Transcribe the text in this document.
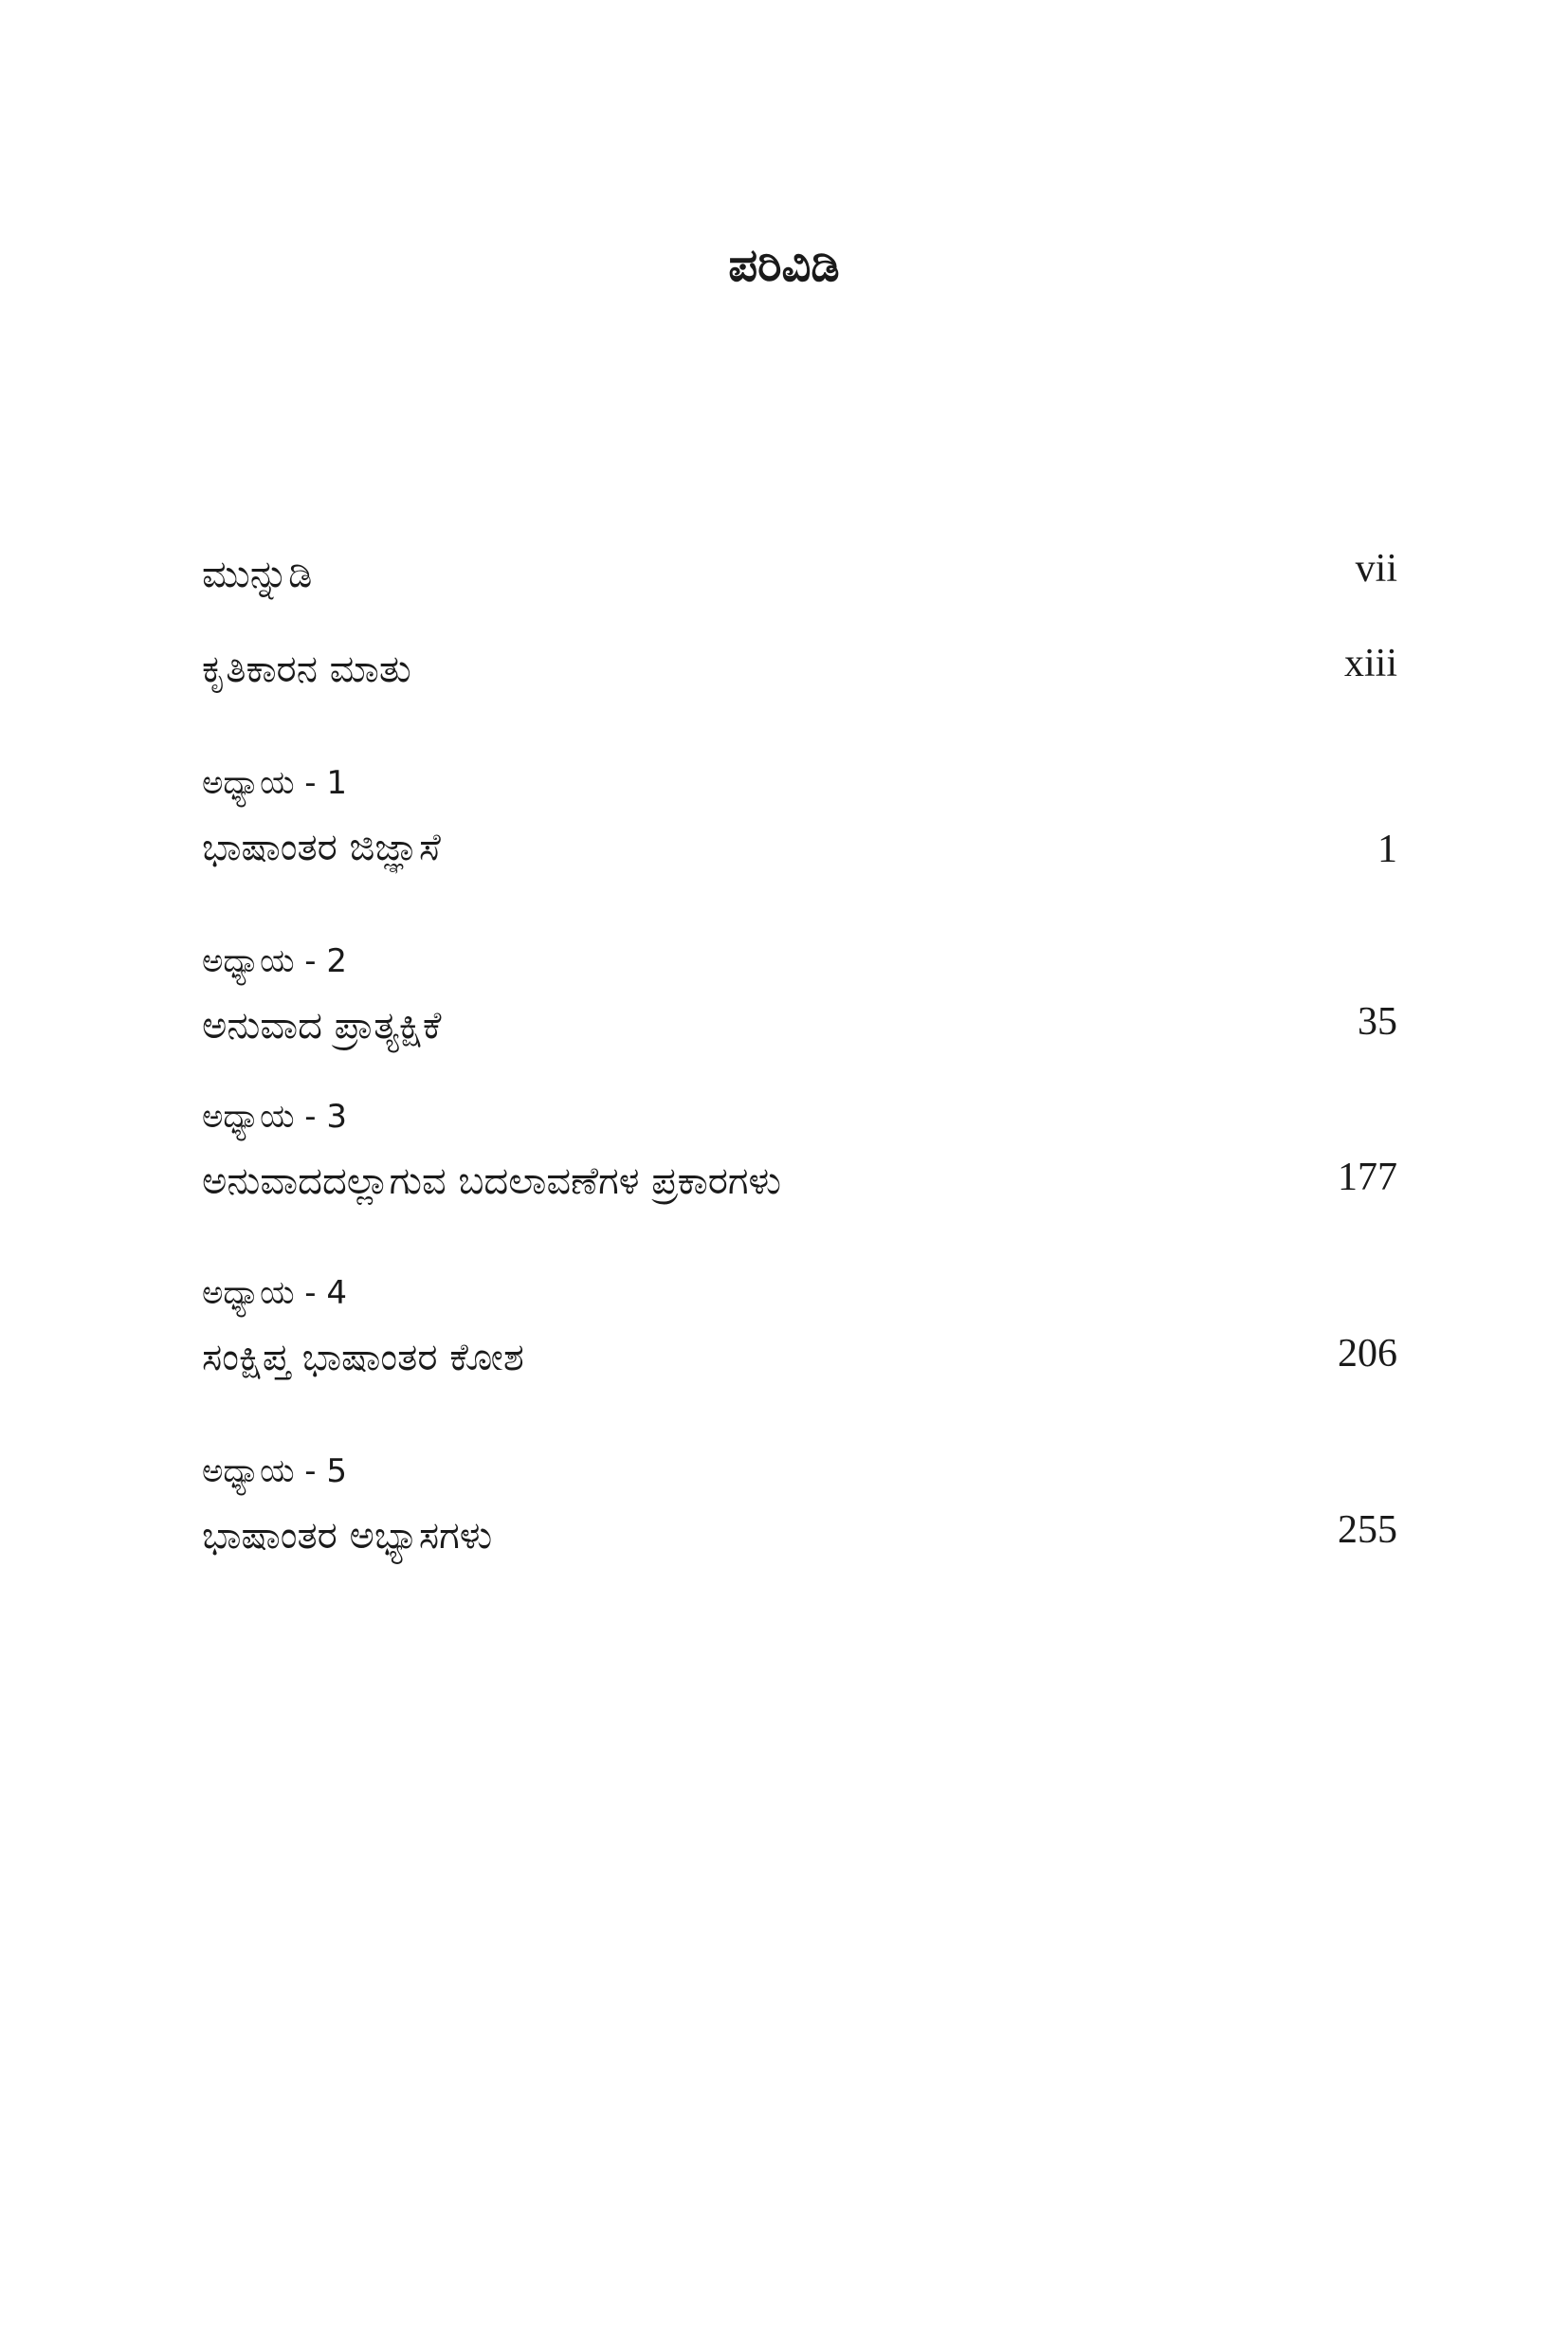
ಪರಿವಿಡಿ
ಮುನ್ನುಡಿ	vii
ಕೃತಿಕಾರನ ಮಾತು	xiii
ಅಧ್ಯಾಯ - 1
ಭಾಷಾಂತರ ಜಿಜ್ಞಾಸೆ	1
ಅಧ್ಯಾಯ - 2
ಅನುವಾದ ಪ್ರಾತ್ಯಕ್ಷಿಕೆ	35
ಅಧ್ಯಾಯ - 3
ಅನುವಾದದಲ್ಲಾಗುವ ಬದಲಾವಣೆಗಳ ಪ್ರಕಾರಗಳು	177
ಅಧ್ಯಾಯ - 4
ಸಂಕ್ಷಿಪ್ತ ಭಾಷಾಂತರ ಕೋಶ	206
ಅಧ್ಯಾಯ - 5
ಭಾಷಾಂತರ ಅಭ್ಯಾಸಗಳು	255
